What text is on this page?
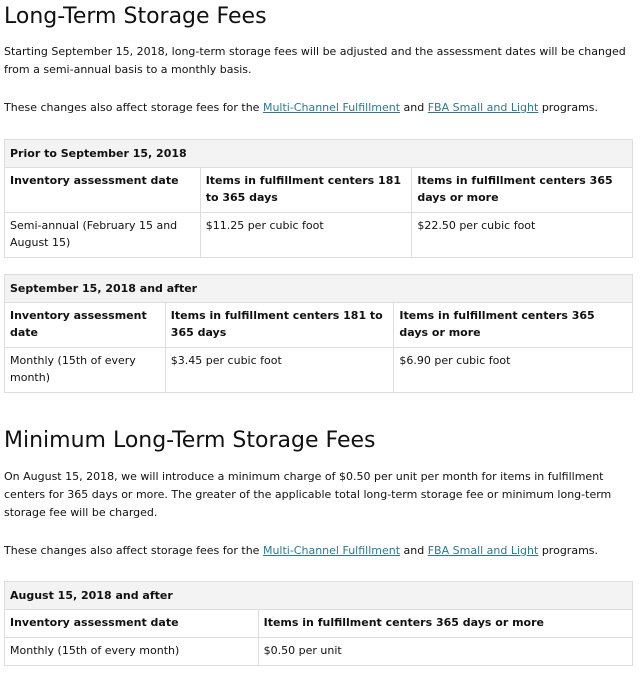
Long-Term Storage Fees

Starting September 15, 2018, long-term storage fees will be adjusted and the assessment dates will be changed from a semi-annual basis to a monthly basis.

These changes also affect storage fees for the Multi-Channel Fulfillment and FBA Small and Light programs.

Prior to September 15, 2018		
Inventory assessment date	Items in fulfillment centers 181 to 365 days	Items in fulfillment centers 365 days or more
Semi-annual (February 15 and August 15)	$11.25 per cubic foot	$22.50 per cubic foot
September 15, 2018 and after		
Inventory assessment date	Items in fulfillment centers 181 to 365 days	Items in fulfillment centers 365 days or more
Monthly (15th of every month)	$3.45 per cubic foot	$6.90 per cubic foot
Minimum Long-Term Storage Fees

On August 15, 2018, we will introduce a minimum charge of $0.50 per unit per month for items in fulfillment centers for 365 days or more. The greater of the applicable total long-term storage fee or minimum long-term storage fee will be charged.

These changes also affect storage fees for the Multi-Channel Fulfillment and FBA Small and Light programs.

August 15, 2018 and after	
Inventory assessment date	Items in fulfillment centers 365 days or more
Monthly (15th of every month)	$0.50 per unit
